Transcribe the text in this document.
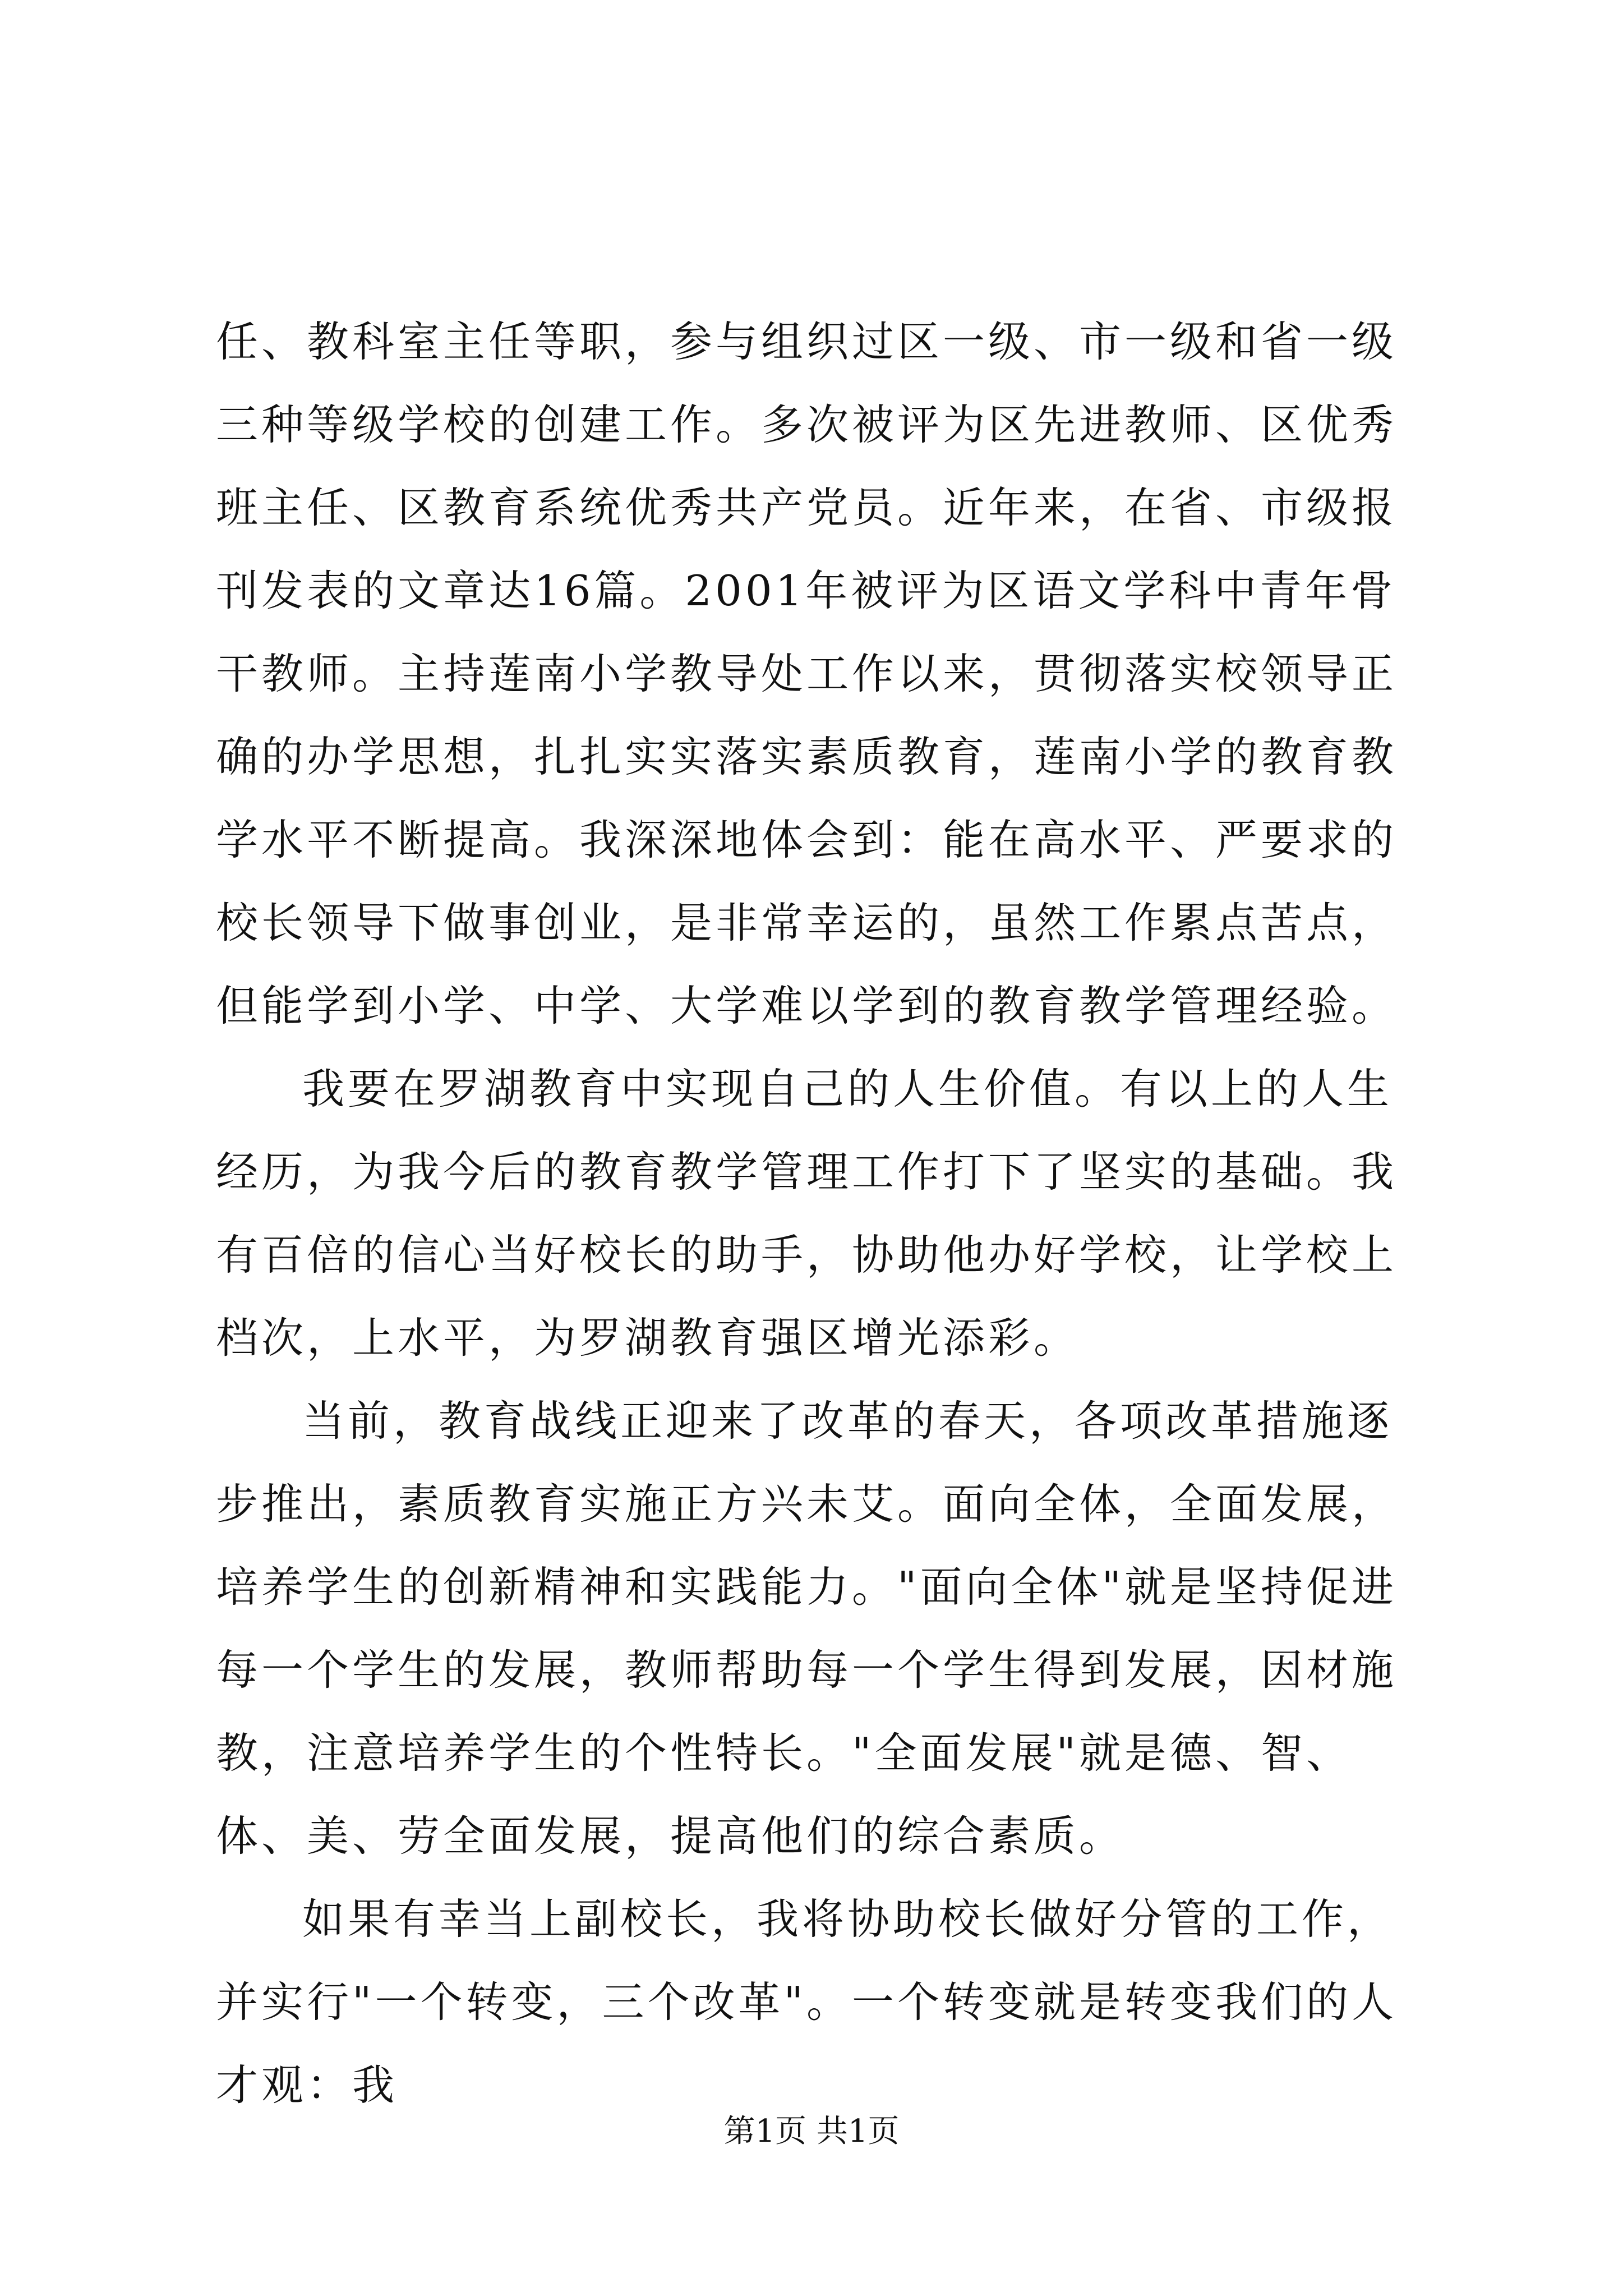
任、教科室主任等职，参与组织过区一级、市一级和省一级三种等级学校的创建工作。多次被评为区先进教师、区优秀班主任、区教育系统优秀共产党员。近年来，在省、市级报刊发表的文章达16篇。2001年被评为区语文学科中青年骨干教师。主持莲南小学教导处工作以来，贯彻落实校领导正确的办学思想，扎扎实实落实素质教育，莲南小学的教育教学水平不断提高。我深深地体会到：能在高水平、严要求的校长领导下做事创业，是非常幸运的，虽然工作累点苦点，但能学到小学、中学、大学难以学到的教育教学管理经验。

我要在罗湖教育中实现自己的人生价值。有以上的人生经历，为我今后的教育教学管理工作打下了坚实的基础。我有百倍的信心当好校长的助手，协助他办好学校，让学校上档次，上水平，为罗湖教育强区增光添彩。

当前，教育战线正迎来了改革的春天，各项改革措施逐步推出，素质教育实施正方兴未艾。面向全体，全面发展，培养学生的创新精神和实践能力。"面向全体"就是坚持促进每一个学生的发展，教师帮助每一个学生得到发展，因材施教，注意培养学生的个性特长。"全面发展"就是德、智、体、美、劳全面发展，提高他们的综合素质。

如果有幸当上副校长，我将协助校长做好分管的工作，并实行"一个转变，三个改革"。一个转变就是转变我们的人才观：我

第1页 共1页
